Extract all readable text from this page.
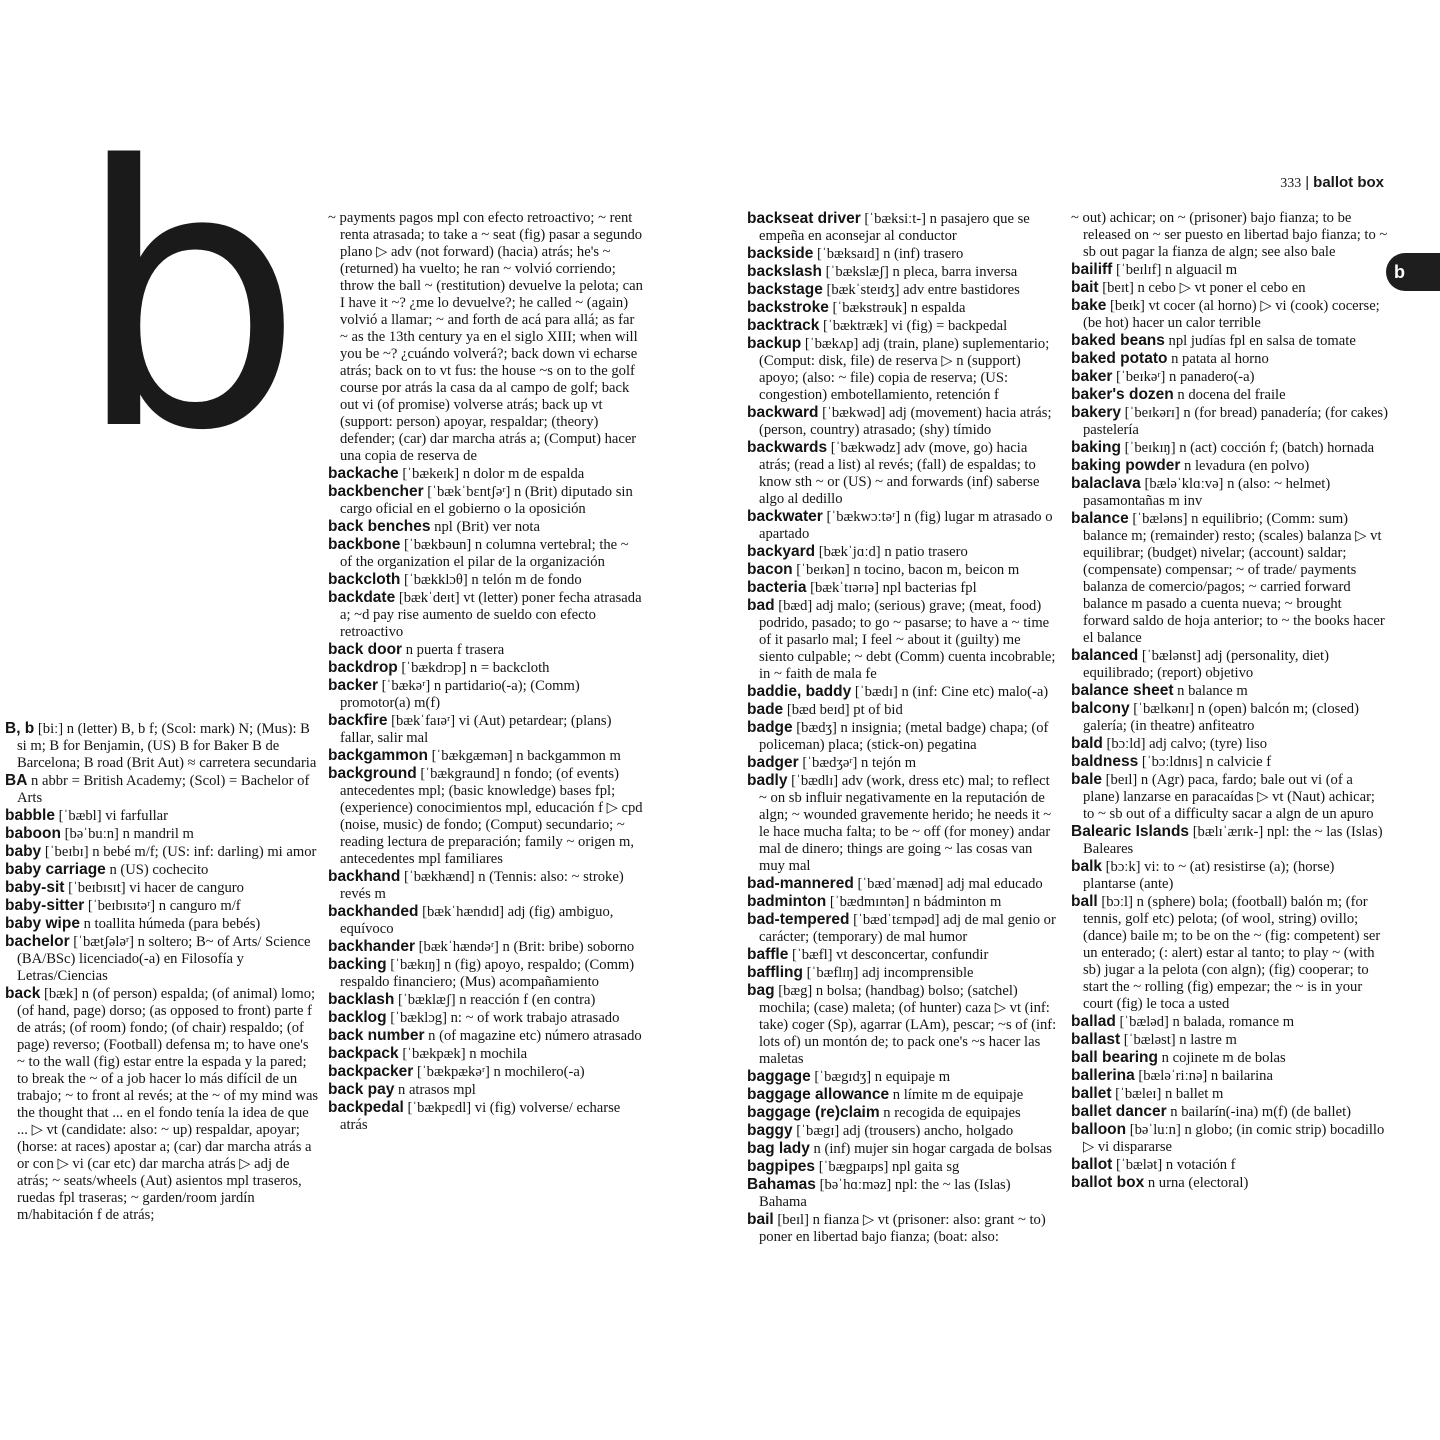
b	333 | ballot box
b

B, b [biː] n (letter) B, b f; (Scol: mark) N; (Mus): B si m; B for Benjamin, (US) B for Baker B de Barcelona; B road (Brit Aut) ≈ carretera secundaria

BA n abbr = British Academy; (Scol) = Bachelor of Arts

babble [ˈbæbl] vi farfullar

baboon [bəˈbuːn] n mandril m

baby [ˈbeɪbɪ] n bebé m/f; (US: inf: darling) mi amor

baby carriage n (US) cochecito

baby-sit [ˈbeɪbɪsɪt] vi hacer de canguro

baby-sitter [ˈbeɪbɪsɪtəʳ] n canguro m/f

baby wipe n toallita húmeda (para bebés)

bachelor [ˈbætʃələʳ] n soltero; B~ of Arts/ Science (BA/BSc) licenciado(-a) en Filosofía y Letras/Ciencias

back [bæk] n (of person) espalda; (of animal) lomo; (of hand, page) dorso; (as opposed to front) parte f de atrás; (of room) fondo; (of chair) respaldo; (of page) reverso; (Football) defensa m; to have one's ~ to the wall (fig) estar entre la espada y la pared; to break the ~ of a job hacer lo más difícil de un trabajo; ~ to front al revés; at the ~ of my mind was the thought that ... en el fondo tenía la idea de que ... ▷ vt (candidate: also: ~ up) respaldar, apoyar; (horse: at races) apostar a; (car) dar marcha atrás a or con ▷ vi (car etc) dar marcha atrás ▷ adj de atrás; ~ seats/wheels (Aut) asientos mpl traseros, ruedas fpl traseras; ~ garden/room jardín m/habitación f de atrás;

~ payments pagos mpl con efecto retroactivo; ~ rent renta atrasada; to take a ~ seat (fig) pasar a segundo plano ▷ adv (not forward) (hacia) atrás; he's ~ (returned) ha vuelto; he ran ~ volvió corriendo; throw the ball ~ (restitution) devuelve la pelota; can I have it ~? ¿me lo devuelve?; he called ~ (again) volvió a llamar; ~ and forth de acá para allá; as far ~ as the 13th century ya en el siglo XIII; when will you be ~? ¿cuándo volverá?; back down vi echarse atrás; back on to vt fus: the house ~s on to the golf course por atrás la casa da al campo de golf; back out vi (of promise) volverse atrás; back up vt (support: person) apoyar, respaldar; (theory) defender; (car) dar marcha atrás a; (Comput) hacer una copia de reserva de

backache [ˈbækeɪk] n dolor m de espalda

backbencher [ˈbækˈbɛntʃəʳ] n (Brit) diputado sin cargo oficial en el gobierno o la oposición

back benches npl (Brit) ver nota

backbone [ˈbækbəun] n columna vertebral; the ~ of the organization el pilar de la organización

backcloth [ˈbækklɔθ] n telón m de fondo

backdate [bækˈdeɪt] vt (letter) poner fecha atrasada a; ~d pay rise aumento de sueldo con efecto retroactivo

back door n puerta f trasera

backdrop [ˈbækdrɔp] n = backcloth

backer [ˈbækəʳ] n partidario(-a); (Comm) promotor(a) m(f)

backfire [bækˈfaɪəʳ] vi (Aut) petardear; (plans) fallar, salir mal

backgammon [ˈbækgæmən] n backgammon m

background [ˈbækgraund] n fondo; (of events) antecedentes mpl; (basic knowledge) bases fpl; (experience) conocimientos mpl, educación f ▷ cpd (noise, music) de fondo; (Comput) secundario; ~ reading lectura de preparación; family ~ origen m, antecedentes mpl familiares

backhand [ˈbækhænd] n (Tennis: also: ~ stroke) revés m

backhanded [bækˈhændɪd] adj (fig) ambiguo, equívoco

backhander [bækˈhændəʳ] n (Brit: bribe) soborno

backing [ˈbækɪŋ] n (fig) apoyo, respaldo; (Comm) respaldo financiero; (Mus) acompañamiento

backlash [ˈbæklæʃ] n reacción f (en contra)

backlog [ˈbæklɔg] n: ~ of work trabajo atrasado

back number n (of magazine etc) número atrasado

backpack [ˈbækpæk] n mochila

backpacker [ˈbækpækəʳ] n mochilero(-a)

back pay n atrasos mpl

backpedal [ˈbækpɛdl] vi (fig) volverse/ echarse atrás

backseat driver [ˈbæksiːt-] n pasajero que se empeña en aconsejar al conductor

backside [ˈbæksaɪd] n (inf) trasero

backslash [ˈbækslæʃ] n pleca, barra inversa

backstage [bækˈsteɪdʒ] adv entre bastidores

backstroke [ˈbækstrəuk] n espalda

backtrack [ˈbæktræk] vi (fig) = backpedal

backup [ˈbækʌp] adj (train, plane) suplementario; (Comput: disk, file) de reserva ▷ n (support) apoyo; (also: ~ file) copia de reserva; (US: congestion) embotellamiento, retención f

backward [ˈbækwəd] adj (movement) hacia atrás; (person, country) atrasado; (shy) tímido

backwards [ˈbækwədz] adv (move, go) hacia atrás; (read a list) al revés; (fall) de espaldas; to know sth ~ or (US) ~ and forwards (inf) saberse algo al dedillo

backwater [ˈbækwɔːtəʳ] n (fig) lugar m atrasado o apartado

backyard [bækˈjɑːd] n patio trasero

bacon [ˈbeɪkən] n tocino, bacon m, beicon m

bacteria [bækˈtɪərɪə] npl bacterias fpl

bad [bæd] adj malo; (serious) grave; (meat, food) podrido, pasado; to go ~ pasarse; to have a ~ time of it pasarlo mal; I feel ~ about it (guilty) me siento culpable; ~ debt (Comm) cuenta incobrable; in ~ faith de mala fe

baddie, baddy [ˈbædɪ] n (inf: Cine etc) malo(-a)

bade [bæd beɪd] pt of bid

badge [bædʒ] n insignia; (metal badge) chapa; (of policeman) placa; (stick-on) pegatina

badger [ˈbædʒəʳ] n tejón m

badly [ˈbædlɪ] adv (work, dress etc) mal; to reflect ~ on sb influir negativamente en la reputación de algn; ~ wounded gravemente herido; he needs it ~ le hace mucha falta; to be ~ off (for money) andar mal de dinero; things are going ~ las cosas van muy mal

bad-mannered [ˈbædˈmænəd] adj mal educado

badminton [ˈbædmɪntən] n bádminton m

bad-tempered [ˈbædˈtɛmpəd] adj de mal genio or carácter; (temporary) de mal humor

baffle [ˈbæfl] vt desconcertar, confundir

baffling [ˈbæflɪŋ] adj incomprensible

bag [bæg] n bolsa; (handbag) bolso; (satchel) mochila; (case) maleta; (of hunter) caza ▷ vt (inf: take) coger (Sp), agarrar (LAm), pescar; ~s of (inf: lots of) un montón de; to pack one's ~s hacer las maletas

baggage [ˈbægɪdʒ] n equipaje m

baggage allowance n límite m de equipaje

baggage (re)claim n recogida de equipajes

baggy [ˈbægɪ] adj (trousers) ancho, holgado

bag lady n (inf) mujer sin hogar cargada de bolsas

bagpipes [ˈbægpaɪps] npl gaita sg

Bahamas [bəˈhɑːməz] npl: the ~ las (Islas) Bahama

bail [beɪl] n fianza ▷ vt (prisoner: also: grant ~ to) poner en libertad bajo fianza; (boat: also:

~ out) achicar; on ~ (prisoner) bajo fianza; to be released on ~ ser puesto en libertad bajo fianza; to ~ sb out pagar la fianza de algn; see also bale

bailiff [ˈbeɪlɪf] n alguacil m

bait [beɪt] n cebo ▷ vt poner el cebo en

bake [beɪk] vt cocer (al horno) ▷ vi (cook) cocerse; (be hot) hacer un calor terrible

baked beans npl judías fpl en salsa de tomate

baked potato n patata al horno

baker [ˈbeɪkəʳ] n panadero(-a)

baker's dozen n docena del fraile

bakery [ˈbeɪkərɪ] n (for bread) panadería; (for cakes) pastelería

baking [ˈbeɪkɪŋ] n (act) cocción f; (batch) hornada

baking powder n levadura (en polvo)

balaclava [bæləˈklɑːvə] n (also: ~ helmet) pasamontañas m inv

balance [ˈbæləns] n equilibrio; (Comm: sum) balance m; (remainder) resto; (scales) balanza ▷ vt equilibrar; (budget) nivelar; (account) saldar; (compensate) compensar; ~ of trade/ payments balanza de comercio/pagos; ~ carried forward balance m pasado a cuenta nueva; ~ brought forward saldo de hoja anterior; to ~ the books hacer el balance

balanced [ˈbælənst] adj (personality, diet) equilibrado; (report) objetivo

balance sheet n balance m

balcony [ˈbælkənɪ] n (open) balcón m; (closed) galería; (in theatre) anfiteatro

bald [bɔːld] adj calvo; (tyre) liso

baldness [ˈbɔːldnɪs] n calvicie f

bale [beɪl] n (Agr) paca, fardo; bale out vi (of a plane) lanzarse en paracaídas ▷ vt (Naut) achicar; to ~ sb out of a difficulty sacar a algn de un apuro

Balearic Islands [bælɪˈærɪk-] npl: the ~ las (Islas) Baleares

balk [bɔːk] vi: to ~ (at) resistirse (a); (horse) plantarse (ante)

ball [bɔːl] n (sphere) bola; (football) balón m; (for tennis, golf etc) pelota; (of wool, string) ovillo; (dance) baile m; to be on the ~ (fig: competent) ser un enterado; (: alert) estar al tanto; to play ~ (with sb) jugar a la pelota (con algn); (fig) cooperar; to start the ~ rolling (fig) empezar; the ~ is in your court (fig) le toca a usted

ballad [ˈbæləd] n balada, romance m

ballast [ˈbæləst] n lastre m

ball bearing n cojinete m de bolas

ballerina [bæləˈriːnə] n bailarina

ballet [ˈbæleɪ] n ballet m

ballet dancer n bailarín(-ina) m(f) (de ballet)

balloon [bəˈluːn] n globo; (in comic strip) bocadillo ▷ vi dispararse

ballot [ˈbælət] n votación f

ballot box n urna (electoral)
